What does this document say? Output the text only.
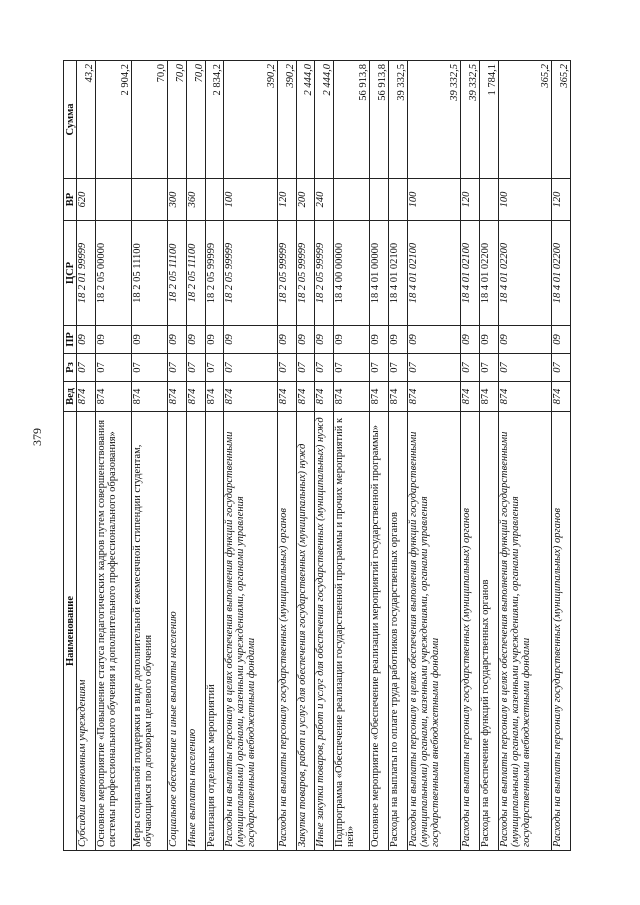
379
Наименование	Вед	Рз	ПР	ЦСР	ВР	Сумма
Субсидии автономным учреждениям	874	07	09	18 2 01 99999	620	43,2
Основное мероприятие «Повышение статуса педагогических кадров путем совершенствования системы профессионального обучения и дополнительного профессионального образования»	874	07	09	18 2 05 00000		2 904,2
Меры социальной поддержки в виде дополнительной ежемесячной стипендии студентам, обучающимся по договорам целевого обучения	874	07	09	18 2 05 11100		70,0
Социальное обеспечение и иные выплаты населению	874	07	09	18 2 05 11100	300	70,0
Иные выплаты населению	874	07	09	18 2 05 11100	360	70,0
Реализация отдельных мероприятий	874	07	09	18 2 05 99999		2 834,2
Расходы на выплаты персоналу в целях обеспечения выполнения функций государственными (муниципальными) органами, казенными учреждениями, органами управления государственными внебюджетными фондами	874	07	09	18 2 05 99999	100	390,2
Расходы на выплаты персоналу государственных (муниципальных) органов	874	07	09	18 2 05 99999	120	390,2
Закупка товаров, работ и услуг для обеспечения государственных (муниципальных) нужд	874	07	09	18 2 05 99999	200	2 444,0
Иные закупки товаров, работ и услуг для обеспечения государственных (муниципальных) нужд	874	07	09	18 2 05 99999	240	2 444,0
Подпрограмма «Обеспечение реализации государственной программы и прочих мероприятий к ней»	874	07	09	18 4 00 00000		56 913,8
Основное мероприятие «Обеспечение реализации мероприятий государственной программы»	874	07	09	18 4 01 00000		56 913,8
Расходы на выплаты по оплате труда работников государственных органов	874	07	09	18 4 01 02100		39 332,5
Расходы на выплаты персоналу в целях обеспечения выполнения функций государственными (муниципальными) органами, казенными учреждениями, органами управления государственными внебюджетными фондами	874	07	09	18 4 01 02100	100	39 332,5
Расходы на выплаты персоналу государственных (муниципальных) органов	874	07	09	18 4 01 02100	120	39 332,5
Расходы на обеспечение функций государственных органов	874	07	09	18 4 01 02200		1 784,1
Расходы на выплаты персоналу в целях обеспечения выполнения функций государственными (муниципальными) органами, казенными учреждениями, органами управления государственными внебюджетными фондами	874	07	09	18 4 01 02200	100	365,2
Расходы на выплаты персоналу государственных (муниципальных) органов	874	07	09	18 4 01 02200	120	365,2
